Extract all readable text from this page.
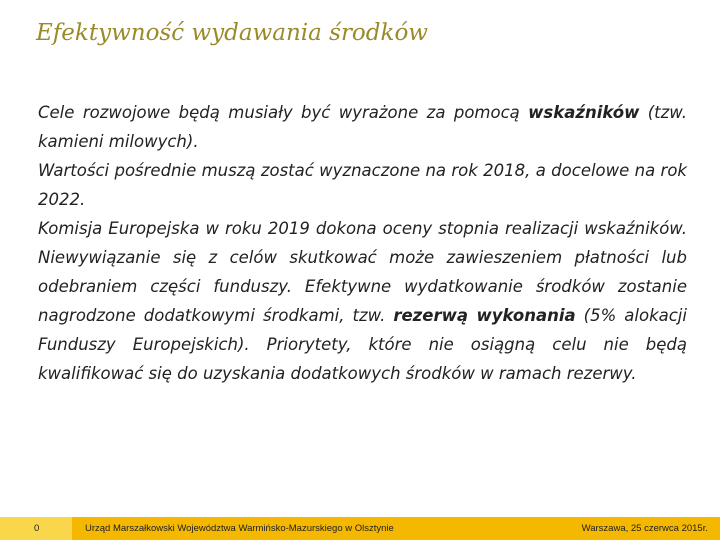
Efektywność wydawania środków

Cele rozwojowe będą musiały być wyrażone za pomocą wskaźników (tzw. kamieni milowych).

Wartości pośrednie muszą zostać wyznaczone na rok 2018, a docelowe na rok 2022.

Komisja Europejska w roku 2019 dokona oceny stopnia realizacji wskaźników. Niewywiązanie się z celów skutkować może zawieszeniem płatności lub odebraniem części funduszy. Efektywne wydatkowanie środków zostanie nagrodzone dodatkowymi środkami, tzw. rezerwą wykonania (5% alokacji Funduszy Europejskich). Priorytety, które nie osiągną celu nie będą kwalifikować się do uzyskania dodatkowych środków w ramach rezerwy.

0	Urząd Marszałkowski Województwa Warmińsko-Mazurskiego w Olsztynie	Warszawa, 25 czerwca 2015r.
